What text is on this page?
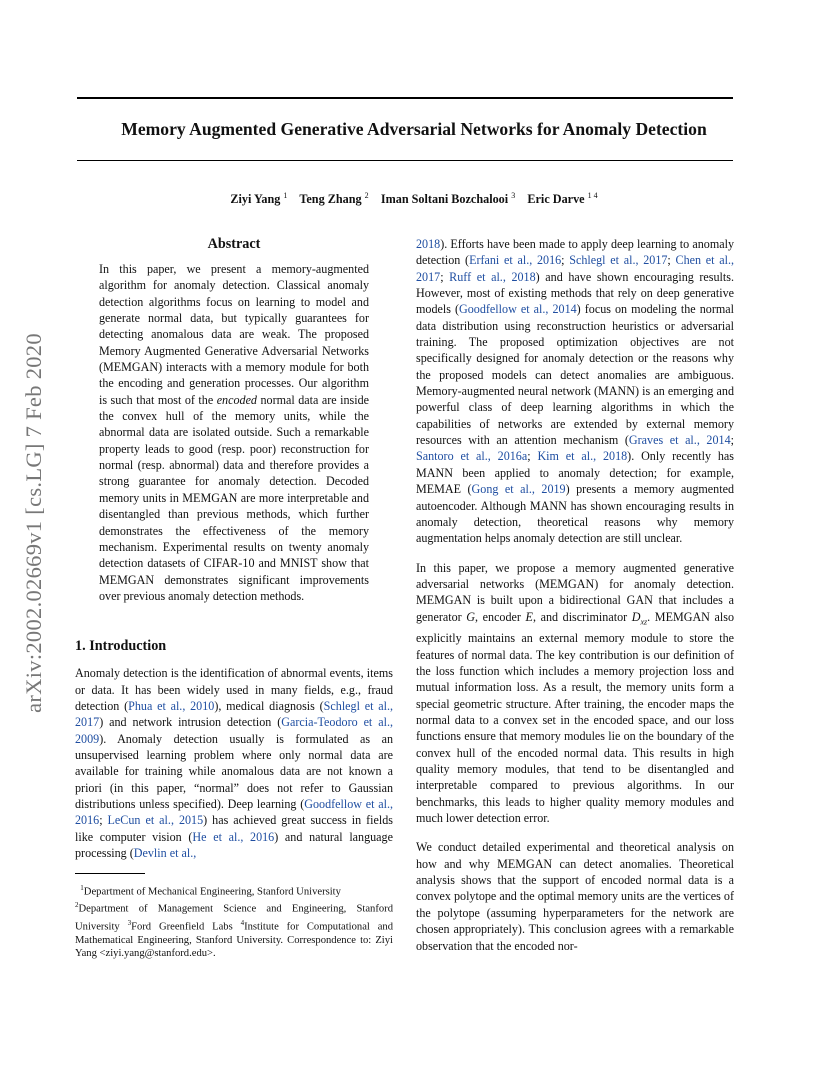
Memory Augmented Generative Adversarial Networks for Anomaly Detection
Ziyi Yang $^1$ Teng Zhang $^2$ Iman Soltani Bozchalooi $^3$ Eric Darve $^{1 4}$
arXiv:2002.02669v1 [cs.LG] 7 Feb 2020
Abstract

In this paper, we present a memory-augmented algorithm for anomaly detection. Classical anomaly detection algorithms focus on learning to model and generate normal data, but typically guarantees for detecting anomalous data are weak. The proposed Memory Augmented Generative Adversarial Networks (MEMGAN) interacts with a memory module for both the encoding and generation processes. Our algorithm is such that most of the encoded normal data are inside the convex hull of the memory units, while the abnormal data are isolated outside. Such a remarkable property leads to good (resp. poor) reconstruction for normal (resp. abnormal) data and therefore provides a strong guarantee for anomaly detection. Decoded memory units in MEMGAN are more interpretable and disentangled than previous methods, which further demonstrates the effectiveness of the memory mechanism. Experimental results on twenty anomaly detection datasets of CIFAR-10 and MNIST show that MEMGAN demonstrates significant improvements over previous anomaly detection methods.

1. Introduction

Anomaly detection is the identification of abnormal events, items or data. It has been widely used in many fields, e.g., fraud detection (Phua et al., 2010), medical diagnosis (Schlegl et al., 2017) and network intrusion detection (Garcia-Teodoro et al., 2009). Anomaly detection usually is formulated as an unsupervised learning problem where only normal data are available for training while anomalous data are not known a priori (in this paper, “normal” does not refer to Gaussian distributions unless specified). Deep learning (Goodfellow et al., 2016; LeCun et al., 2015) has achieved great success in fields like computer vision (He et al., 2016) and natural language processing (Devlin et al.,

$^1$Department of Mechanical Engineering, Stanford University
$^2$Department of Management Science and Engineering, Stanford University $^3$Ford Greenfield Labs $^4$Institute for Computational and Mathematical Engineering, Stanford University. Correspondence to: Ziyi Yang <ziyi.yang@stanford.edu>.

2018). Efforts have been made to apply deep learning to anomaly detection (Erfani et al., 2016; Schlegl et al., 2017; Chen et al., 2017; Ruff et al., 2018) and have shown encouraging results. However, most of existing methods that rely on deep generative models (Goodfellow et al., 2014) focus on modeling the normal data distribution using reconstruction heuristics or adversarial training. The proposed optimization objectives are not specifically designed for anomaly detection or the reasons why the proposed models can detect anomalies are ambiguous. Memory-augmented neural network (MANN) is an emerging and powerful class of deep learning algorithms in which the capabilities of networks are extended by external memory resources with an attention mechanism (Graves et al., 2014; Santoro et al., 2016a; Kim et al., 2018). Only recently has MANN been applied to anomaly detection; for example, MEMAE (Gong et al., 2019) presents a memory augmented autoencoder. Although MANN has shown encouraging results in anomaly detection, theoretical reasons why memory augmentation helps anomaly detection are still unclear.

In this paper, we propose a memory augmented generative adversarial networks (MEMGAN) for anomaly detection. MEMGAN is built upon a bidirectional GAN that includes a generator G, encoder E, and discriminator $D_{xz}$. MEMGAN also explicitly maintains an external memory module to store the features of normal data. The key contribution is our definition of the loss function which includes a memory projection loss and mutual information loss. As a result, the memory units form a special geometric structure. After training, the encoder maps the normal data to a convex set in the encoded space, and our loss functions ensure that memory modules lie on the boundary of the convex hull of the encoded normal data. This results in high quality memory modules, that tend to be disentangled and interpretable compared to previous algorithms. In our benchmarks, this leads to higher quality memory modules and much lower detection error.

We conduct detailed experimental and theoretical analysis on how and why MEMGAN can detect anomalies. Theoretical analysis shows that the support of encoded normal data is a convex polytope and the optimal memory units are the vertices of the polytope (assuming hyperparameters for the network are chosen appropriately). This conclusion agrees with a remarkable observation that the encoded nor-
